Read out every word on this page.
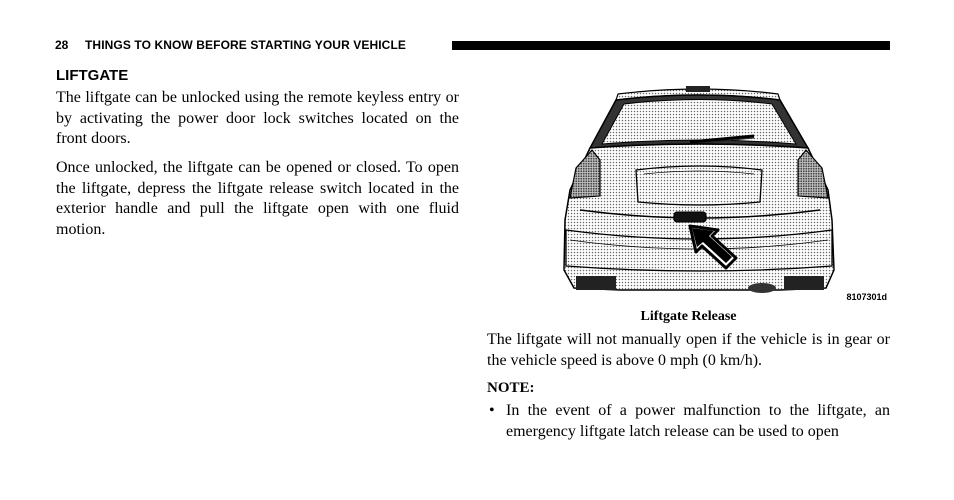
28 THINGS TO KNOW BEFORE STARTING YOUR VEHICLE
LIFTGATE

The liftgate can be unlocked using the remote keyless entry or by activating the power door lock switches located on the front doors.

Once unlocked, the liftgate can be opened or closed. To open the liftgate, depress the liftgate release switch located in the exterior handle and pull the liftgate open with one fluid motion.

8107301d
Liftgate Release

The liftgate will not manually open if the vehicle is in gear or the vehicle speed is above 0 mph (0 km/h).

NOTE:
• In the event of a power malfunction to the liftgate, an emergency liftgate latch release can be used to open
